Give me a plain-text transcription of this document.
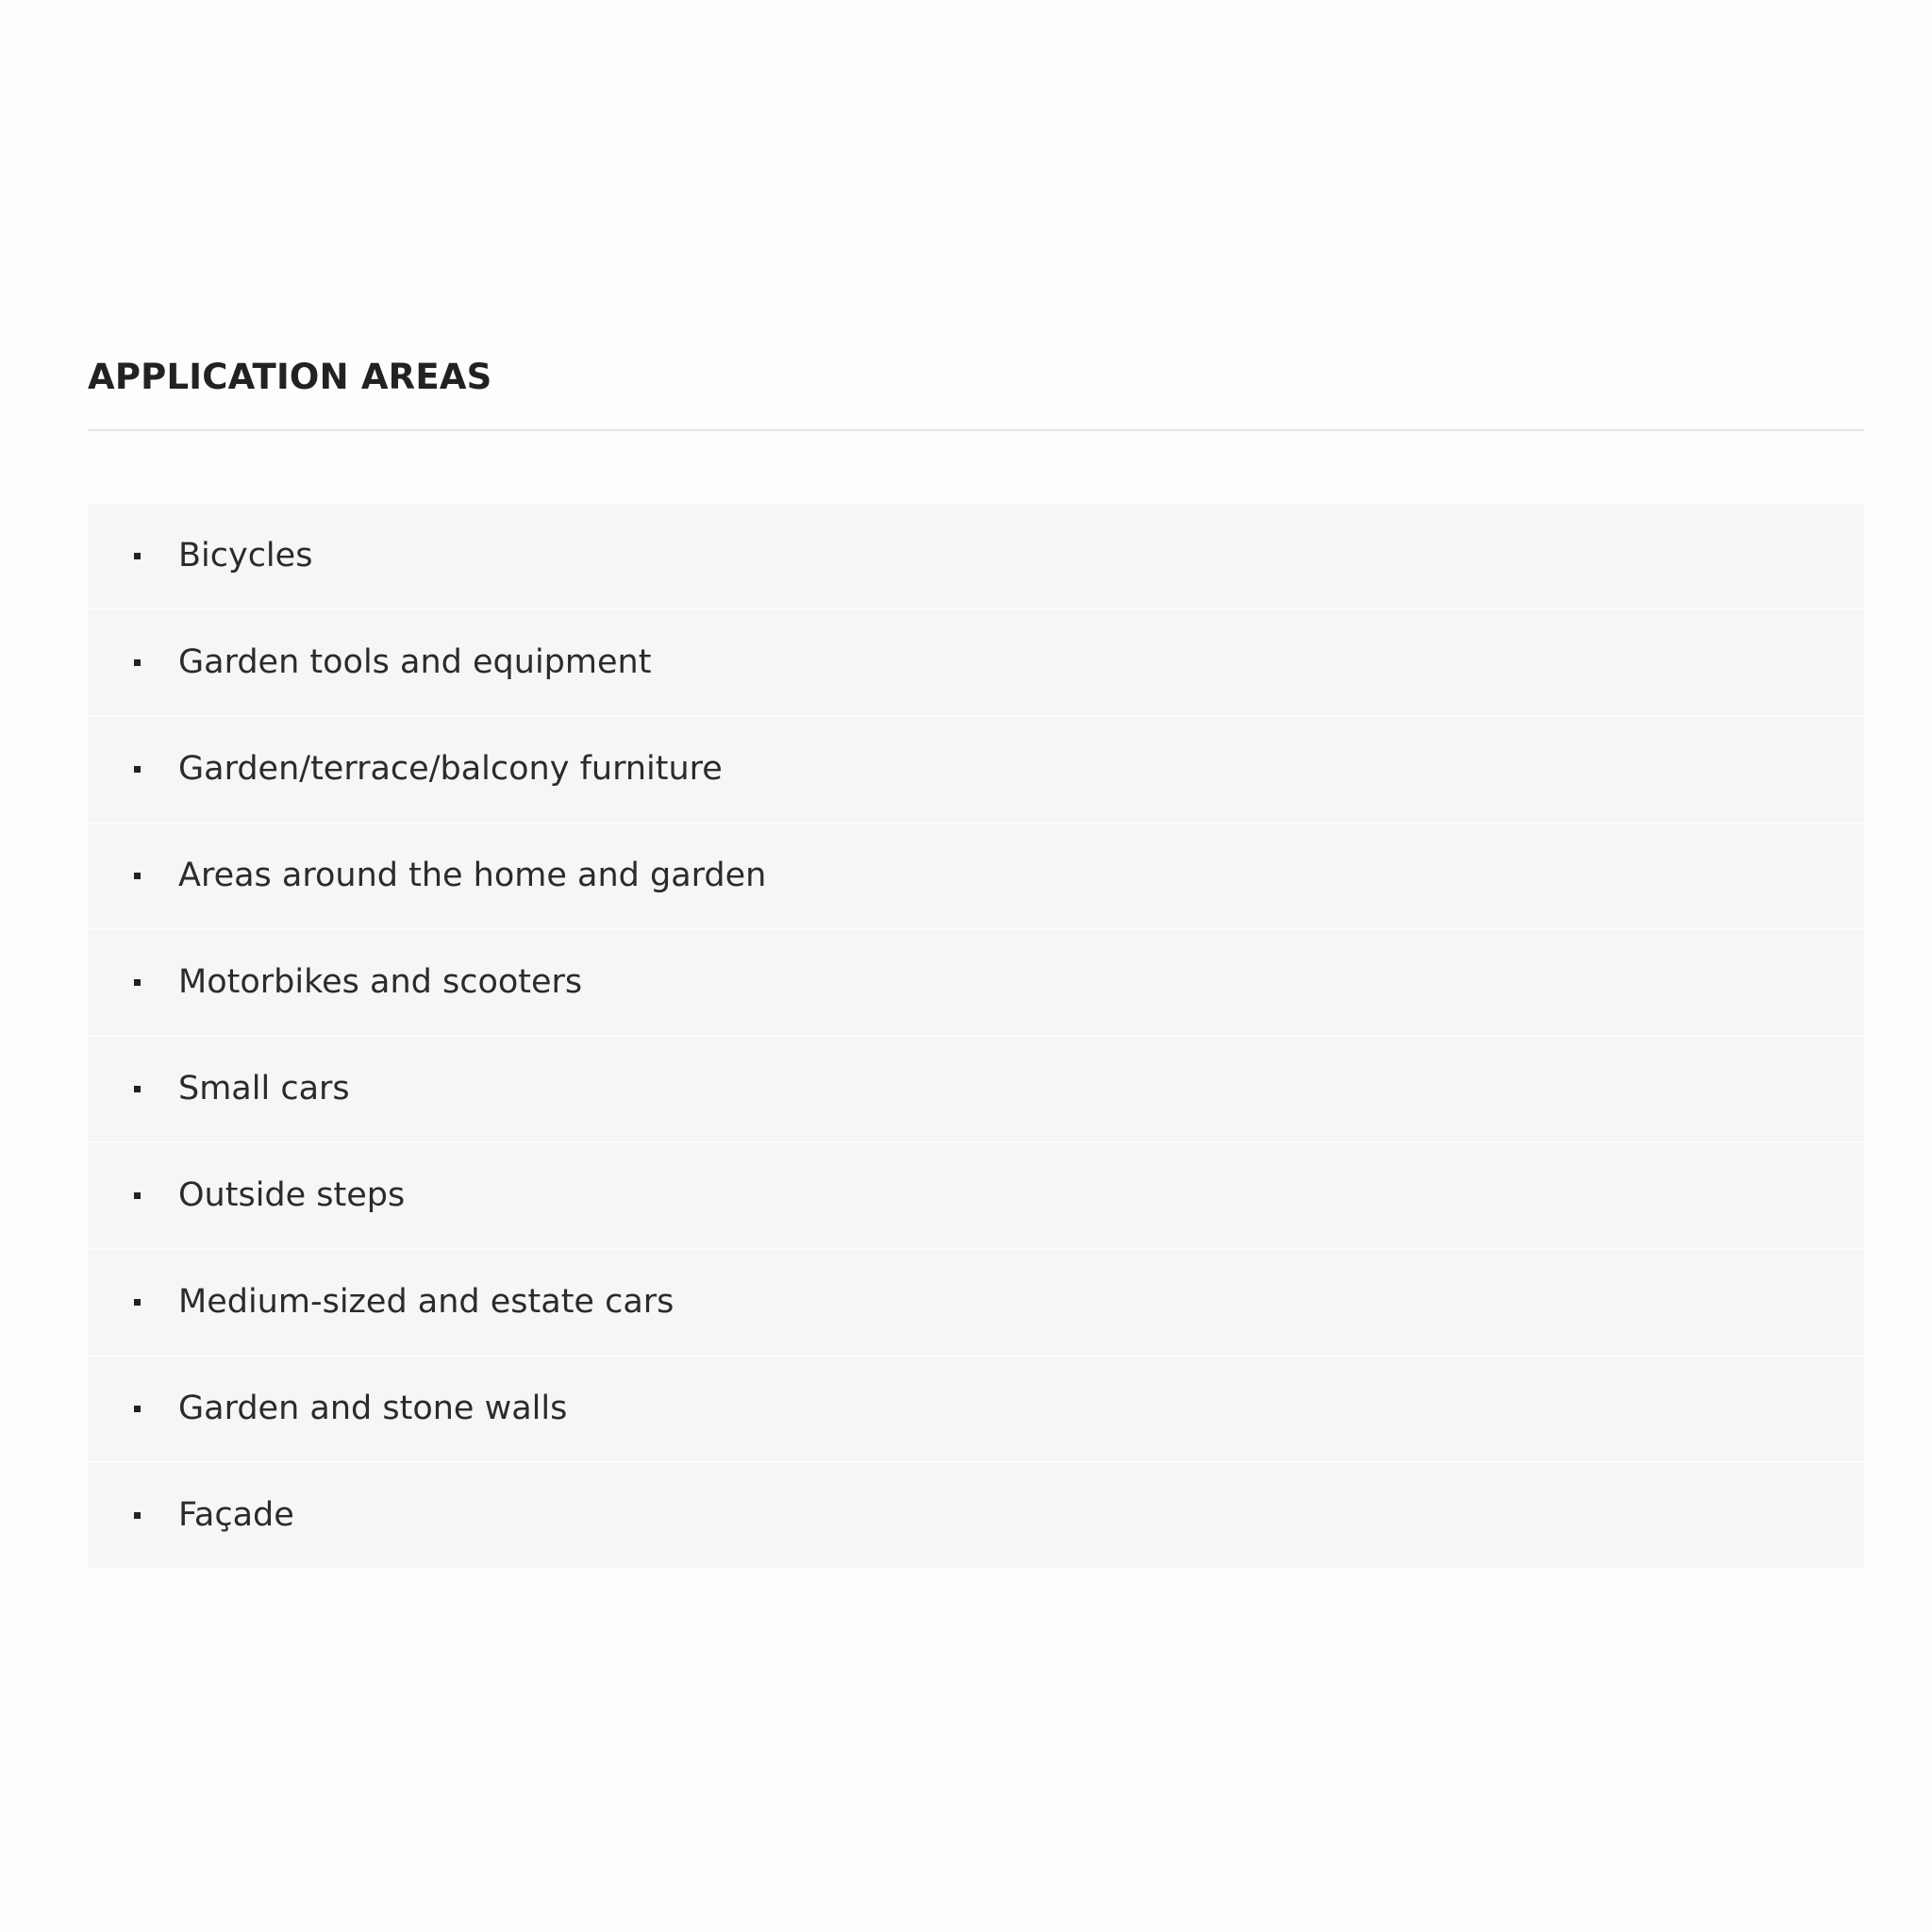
APPLICATION AREAS
Bicycles
Garden tools and equipment
Garden/terrace/balcony furniture
Areas around the home and garden
Motorbikes and scooters
Small cars
Outside steps
Medium-sized and estate cars
Garden and stone walls
Façade
